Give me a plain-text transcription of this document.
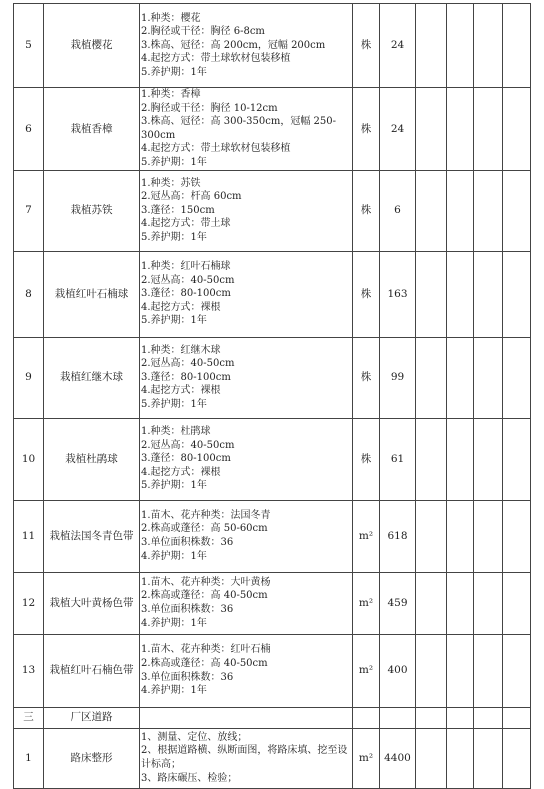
5	栽植樱花	1.种类：樱花
2.胸径或干径：胸径 6-8cm
3.株高、冠径：高 200cm，冠幅 200cm
4.起挖方式：带土球软材包装移植
5.养护期：1年	株	24				
6	栽植香樟	1.种类：香樟
2.胸径或干径：胸径 10-12cm
3.株高、冠径：高 300-350cm，冠幅 250-300cm
4.起挖方式：带土球软材包装移植
5.养护期：1年	株	24				
7	栽植苏铁	1.种类：苏铁
2.冠丛高：杆高 60cm
3.蓬径：150cm
4.起挖方式：带土球
5.养护期：1年	株	6				
8	栽植红叶石楠球	1.种类：红叶石楠球
2.冠丛高：40-50cm
3.蓬径：80-100cm
4.起挖方式：裸根
5.养护期：1年	株	163				
9	栽植红继木球	1.种类：红继木球
2.冠丛高：40-50cm
3.蓬径：80-100cm
4.起挖方式：裸根
5.养护期：1年	株	99				
10	栽植杜鹃球	1.种类：杜鹃球
2.冠丛高：40-50cm
3.蓬径：80-100cm
4.起挖方式：裸根
5.养护期：1年	株	61				
11	栽植法国冬青色带	1.苗木、花卉种类：法国冬青
2.株高或蓬径：高 50-60cm
3.单位面积株数：36
4.养护期：1年	m²	618				
12	栽植大叶黄杨色带	1.苗木、花卉种类：大叶黄杨
2.株高或蓬径：高 40-50cm
3.单位面积株数：36
4.养护期：1年	m²	459				
13	栽植红叶石楠色带	1.苗木、花卉种类：红叶石楠
2.株高或蓬径：高 40-50cm
3.单位面积株数：36
4.养护期：1年	m²	400				
三	厂区道路							
1	路床整形	1、测量、定位、放线；
2、根据道路横、纵断面图，将路床填、挖至设计标高；
3、路床碾压、检验；	m²	4400				
